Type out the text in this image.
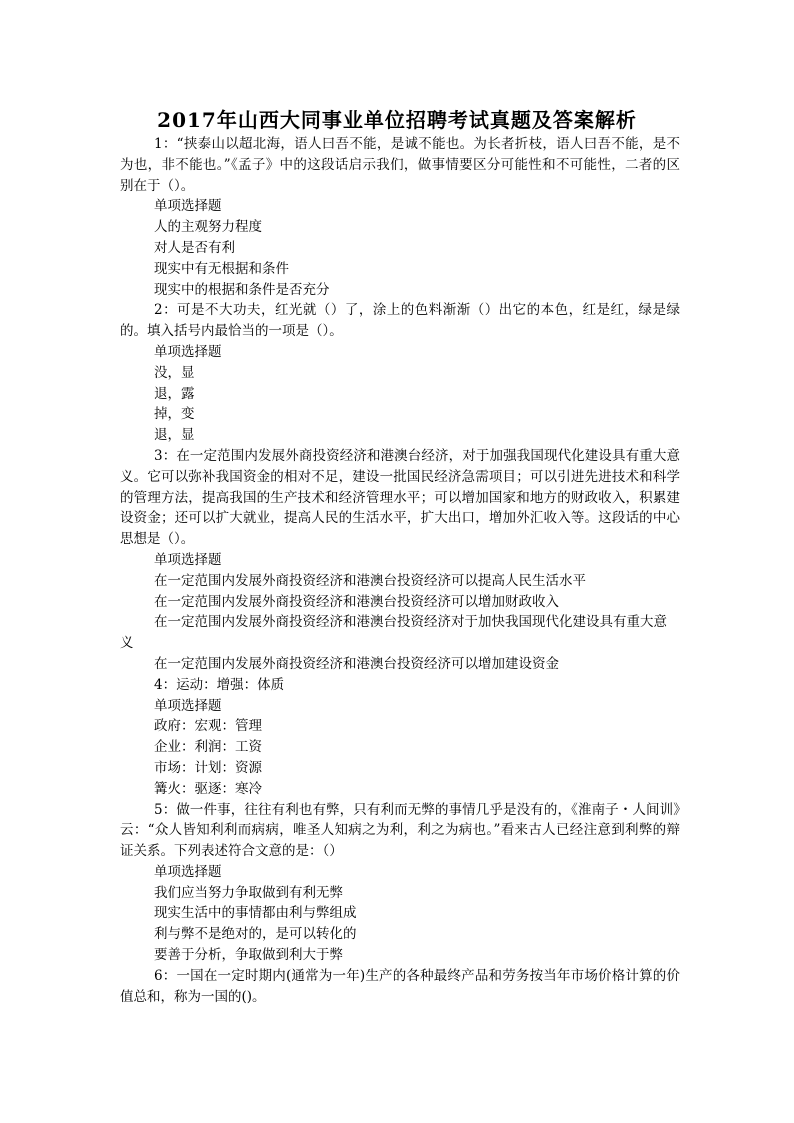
2017年山西大同事业单位招聘考试真题及答案解析

1：“挟泰山以超北海，语人曰吾不能，是诚不能也。为长者折枝，语人曰吾不能，是不为也，非不能也。”《孟子》中的这段话启示我们，做事情要区分可能性和不可能性，二者的区别在于（）。

单项选择题

人的主观努力程度

对人是否有利

现实中有无根据和条件

现实中的根据和条件是否充分

2：可是不大功夫，红光就（）了，涂上的色料渐渐（）出它的本色，红是红，绿是绿的。填入括号内最恰当的一项是（）。

单项选择题

没，显

退，露

掉，变

退，显

3：在一定范围内发展外商投资经济和港澳台经济，对于加强我国现代化建设具有重大意义。它可以弥补我国资金的相对不足，建设一批国民经济急需项目；可以引进先进技术和科学的管理方法，提高我国的生产技术和经济管理水平；可以增加国家和地方的财政收入，积累建设资金；还可以扩大就业，提高人民的生活水平，扩大出口，增加外汇收入等。这段话的中心思想是（）。

单项选择题

在一定范围内发展外商投资经济和港澳台投资经济可以提高人民生活水平

在一定范围内发展外商投资经济和港澳台投资经济可以增加财政收入

在一定范围内发展外商投资经济和港澳台投资经济对于加快我国现代化建设具有重大意义

在一定范围内发展外商投资经济和港澳台投资经济可以增加建设资金

4：运动：增强：体质

单项选择题

政府：宏观：管理

企业：利润：工资

市场：计划：资源

篝火：驱逐：寒冷

5：做一件事，往往有利也有弊，只有利而无弊的事情几乎是没有的，《淮南子・人间训》云：“众人皆知利利而病病，唯圣人知病之为利，利之为病也。”看来古人已经注意到利弊的辩证关系。下列表述符合文意的是：（）

单项选择题

我们应当努力争取做到有利无弊

现实生活中的事情都由利与弊组成

利与弊不是绝对的，是可以转化的

要善于分析，争取做到利大于弊

6：一国在一定时期内(通常为一年)生产的各种最终产品和劳务按当年市场价格计算的价值总和，称为一国的()。
